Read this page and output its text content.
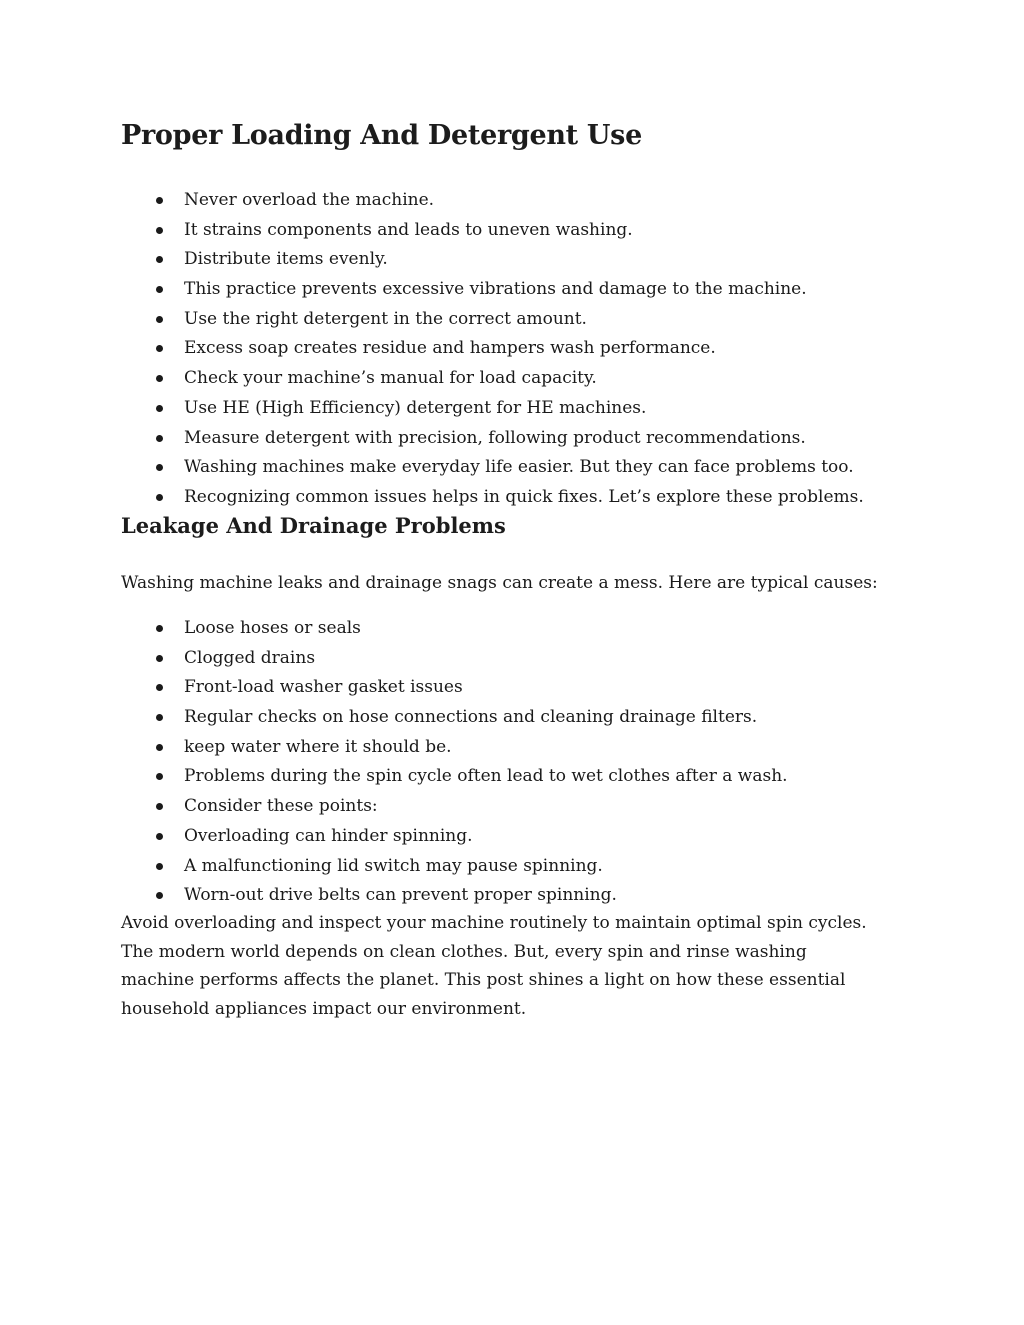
Proper Loading And Detergent Use
Never overload the machine.
It strains components and leads to uneven washing.
Distribute items evenly.
This practice prevents excessive vibrations and damage to the machine.
Use the right detergent in the correct amount.
Excess soap creates residue and hampers wash performance.
Check your machine’s manual for load capacity.
Use HE (High Efficiency) detergent for HE machines.
Measure detergent with precision, following product recommendations.
Washing machines make everyday life easier. But they can face problems too.
Recognizing common issues helps in quick fixes. Let’s explore these problems.
Leakage And Drainage Problems

Washing machine leaks and drainage snags can create a mess. Here are typical causes:

Loose hoses or seals
Clogged drains
Front-load washer gasket issues
Regular checks on hose connections and cleaning drainage filters.
keep water where it should be.
Problems during the spin cycle often lead to wet clothes after a wash.
Consider these points:
Overloading can hinder spinning.
A malfunctioning lid switch may pause spinning.
Worn-out drive belts can prevent proper spinning.

Avoid overloading and inspect your machine routinely to maintain optimal spin cycles.

The modern world depends on clean clothes. But, every spin and rinse washing

machine performs affects the planet. This post shines a light on how these essential

household appliances impact our environment.
